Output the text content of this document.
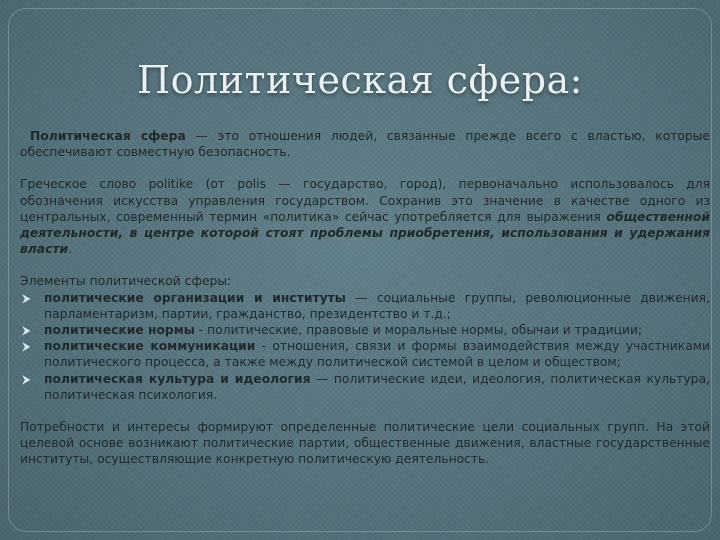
Политическая сфера:

Политическая сфера — это отношения людей, связанные прежде всего с властью, которые обеспечивают совместную безопасность.

Греческое слово politike (от polis — государство, город), первоначально использовалось для обозначения искусства управления государством. Сохранив это значение в качестве одного из центральных, современный термин «политика» сейчас употребляется для выражения общественной деятельности, в центре которой стоят проблемы приобретения, использования и удержания власти.

Элементы политической сферы:

⮞ политические организации и институты — социальные группы, революционные движения, парламентаризм, партии, гражданство, президентство и т.д.;
⮞ политические нормы - политические, правовые и моральные нормы, обычаи и традиции;
⮞ политические коммуникации - отношения, связи и формы взаимодействия между участниками политического процесса, а также между политической системой в целом и обществом;
⮞ политическая культура и идеология — политические идеи, идеология, политическая культура, политическая психология.

Потребности и интересы формируют определенные политические цели социальных групп. На этой целевой основе возникают политические партии, общественные движения, властные государственные институты, осуществляющие конкретную политическую деятельность.
